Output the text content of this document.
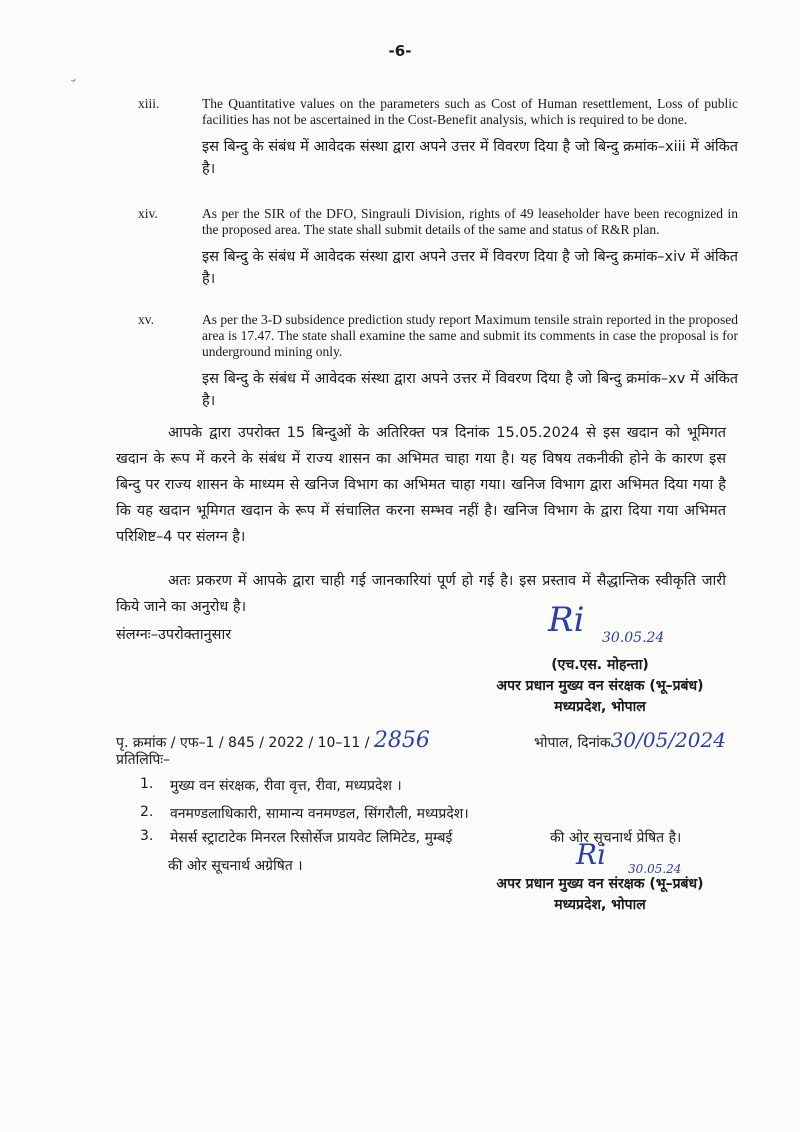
-6-
˘
xiii.	The Quantitative values on the parameters such as Cost of Human resettlement, Loss of public facilities has not be ascertained in the Cost-Benefit analysis, which is required to be done.
इस बिन्दु के संबंध में आवेदक संस्था द्वारा अपने उत्तर में विवरण दिया है जो बिन्दु क्रमांक–xiii में अंकित है।
xiv.	As per the SIR of the DFO, Singrauli Division, rights of 49 leaseholder have been recognized in the proposed area. The state shall submit details of the same and status of R&R plan.
इस बिन्दु के संबंध में आवेदक संस्था द्वारा अपने उत्तर में विवरण दिया है जो बिन्दु क्रमांक–xiv में अंकित है।
xv.	As per the 3-D subsidence prediction study report Maximum tensile strain reported in the proposed area is 17.47. The state shall examine the same and submit its comments in case the proposal is for underground mining only.
इस बिन्दु के संबंध में आवेदक संस्था द्वारा अपने उत्तर में विवरण दिया है जो बिन्दु क्रमांक–xv में अंकित है।
आपके द्वारा उपरोक्त 15 बिन्दुओं के अतिरिक्त पत्र दिनांक 15.05.2024 से इस खदान को भूमिगत खदान के रूप में करने के संबंध में राज्य शासन का अभिमत चाहा गया है। यह विषय तकनीकी होने के कारण इस बिन्दु पर राज्य शासन के माध्यम से खनिज विभाग का अभिमत चाहा गया। खनिज विभाग द्वारा अभिमत दिया गया है कि यह खदान भूमिगत खदान के रूप में संचालित करना सम्भव नहीं है। खनिज विभाग के द्वारा दिया गया अभिमत परिशिष्ट–4 पर संलग्न है।
अतः प्रकरण में आपके द्वारा चाही गई जानकारियां पूर्ण हो गई है। इस प्रस्ताव में सैद्धान्तिक स्वीकृति जारी किये जाने का अनुरोध है।
संलग्नः–उपरोक्तानुसार	Ri 30.05.24
(एच.एस. मोहन्ता)
अपर प्रधान मुख्य वन संरक्षक (भू–प्रबंध)
मध्यप्रदेश, भोपाल
पृ. क्रमांक / एफ–1 / 845 / 2022 / 10–11 / 2856	भोपाल, दिनांक30/05/2024
प्रतिलिपिः–
1. मुख्य वन संरक्षक, रीवा वृत्त, रीवा, मध्यप्रदेश ।
2. वनमण्डलाधिकारी, सामान्य वनमण्डल, सिंगरौली, मध्यप्रदेश।
3. मेसर्स स्ट्राटाटेक मिनरल रिसोर्सेज प्रायवेट लिमिटेड, मुम्बई	की ओर सूचनार्थ प्रेषित है।
की ओर सूचनार्थ अग्रेषित ।	Ri 30.05.24
अपर प्रधान मुख्य वन संरक्षक (भू–प्रबंध)
मध्यप्रदेश, भोपाल
